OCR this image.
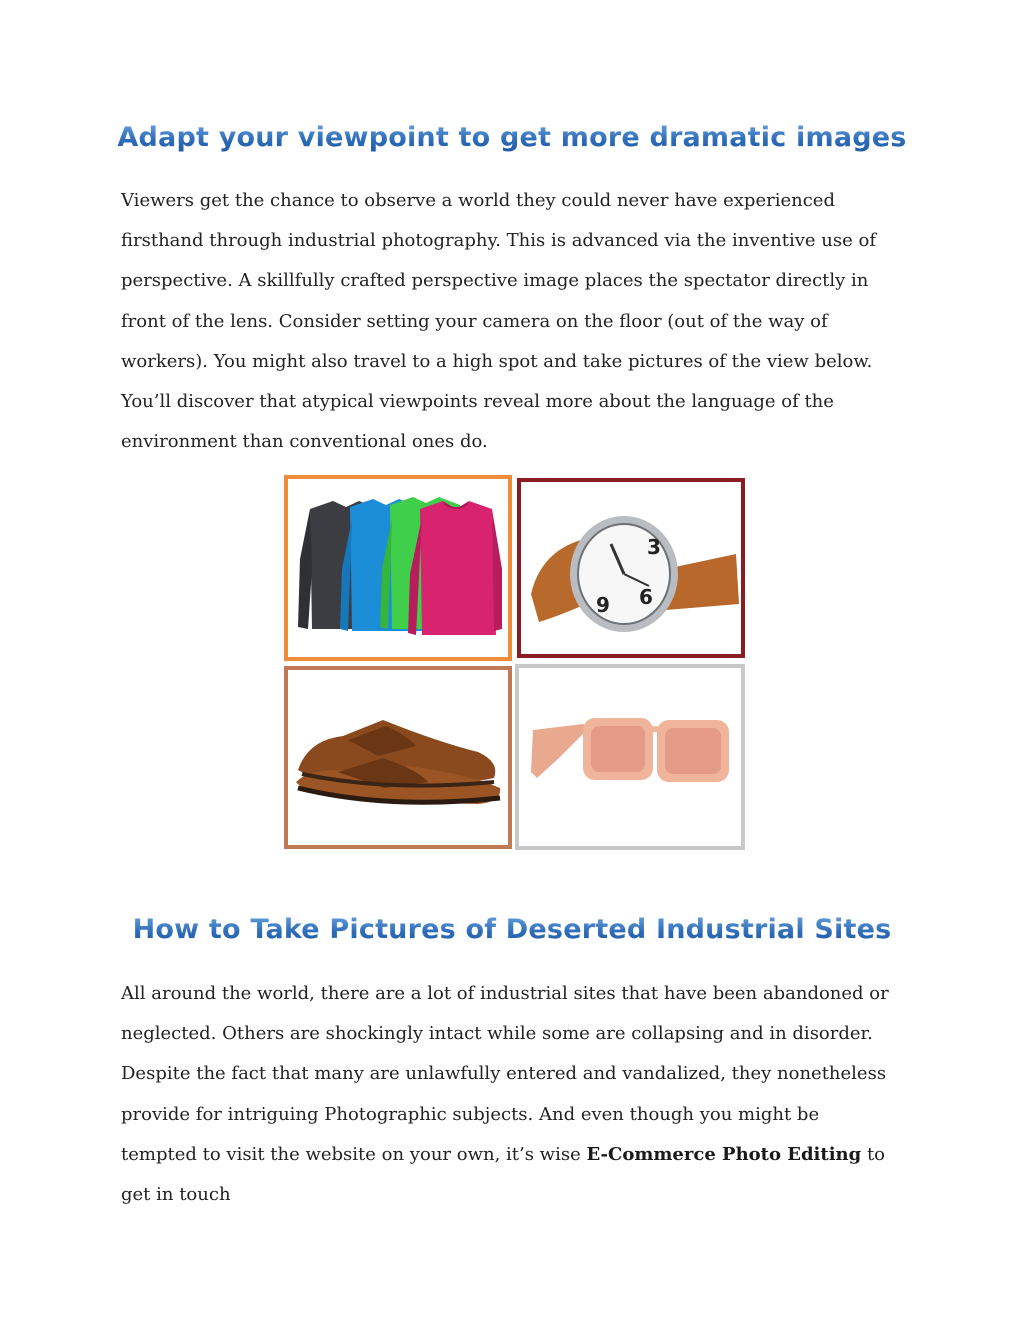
Adapt your viewpoint to get more dramatic images

Viewers get the chance to observe a world they could never have experienced firsthand through industrial photography. This is advanced via the inventive use of perspective. A skillfully crafted perspective image places the spectator directly in front of the lens. Consider setting your camera on the floor (out of the way of workers). You might also travel to a high spot and take pictures of the view below. You’ll discover that atypical viewpoints reveal more about the language of the environment than conventional ones do.

3
6
9
How to Take Pictures of Deserted Industrial Sites

All around the world, there are a lot of industrial sites that have been abandoned or neglected. Others are shockingly intact while some are collapsing and in disorder. Despite the fact that many are unlawfully entered and vandalized, they nonetheless provide for intriguing Photographic subjects. And even though you might be tempted to visit the website on your own, it’s wise E-Commerce Photo Editing to get in touch
